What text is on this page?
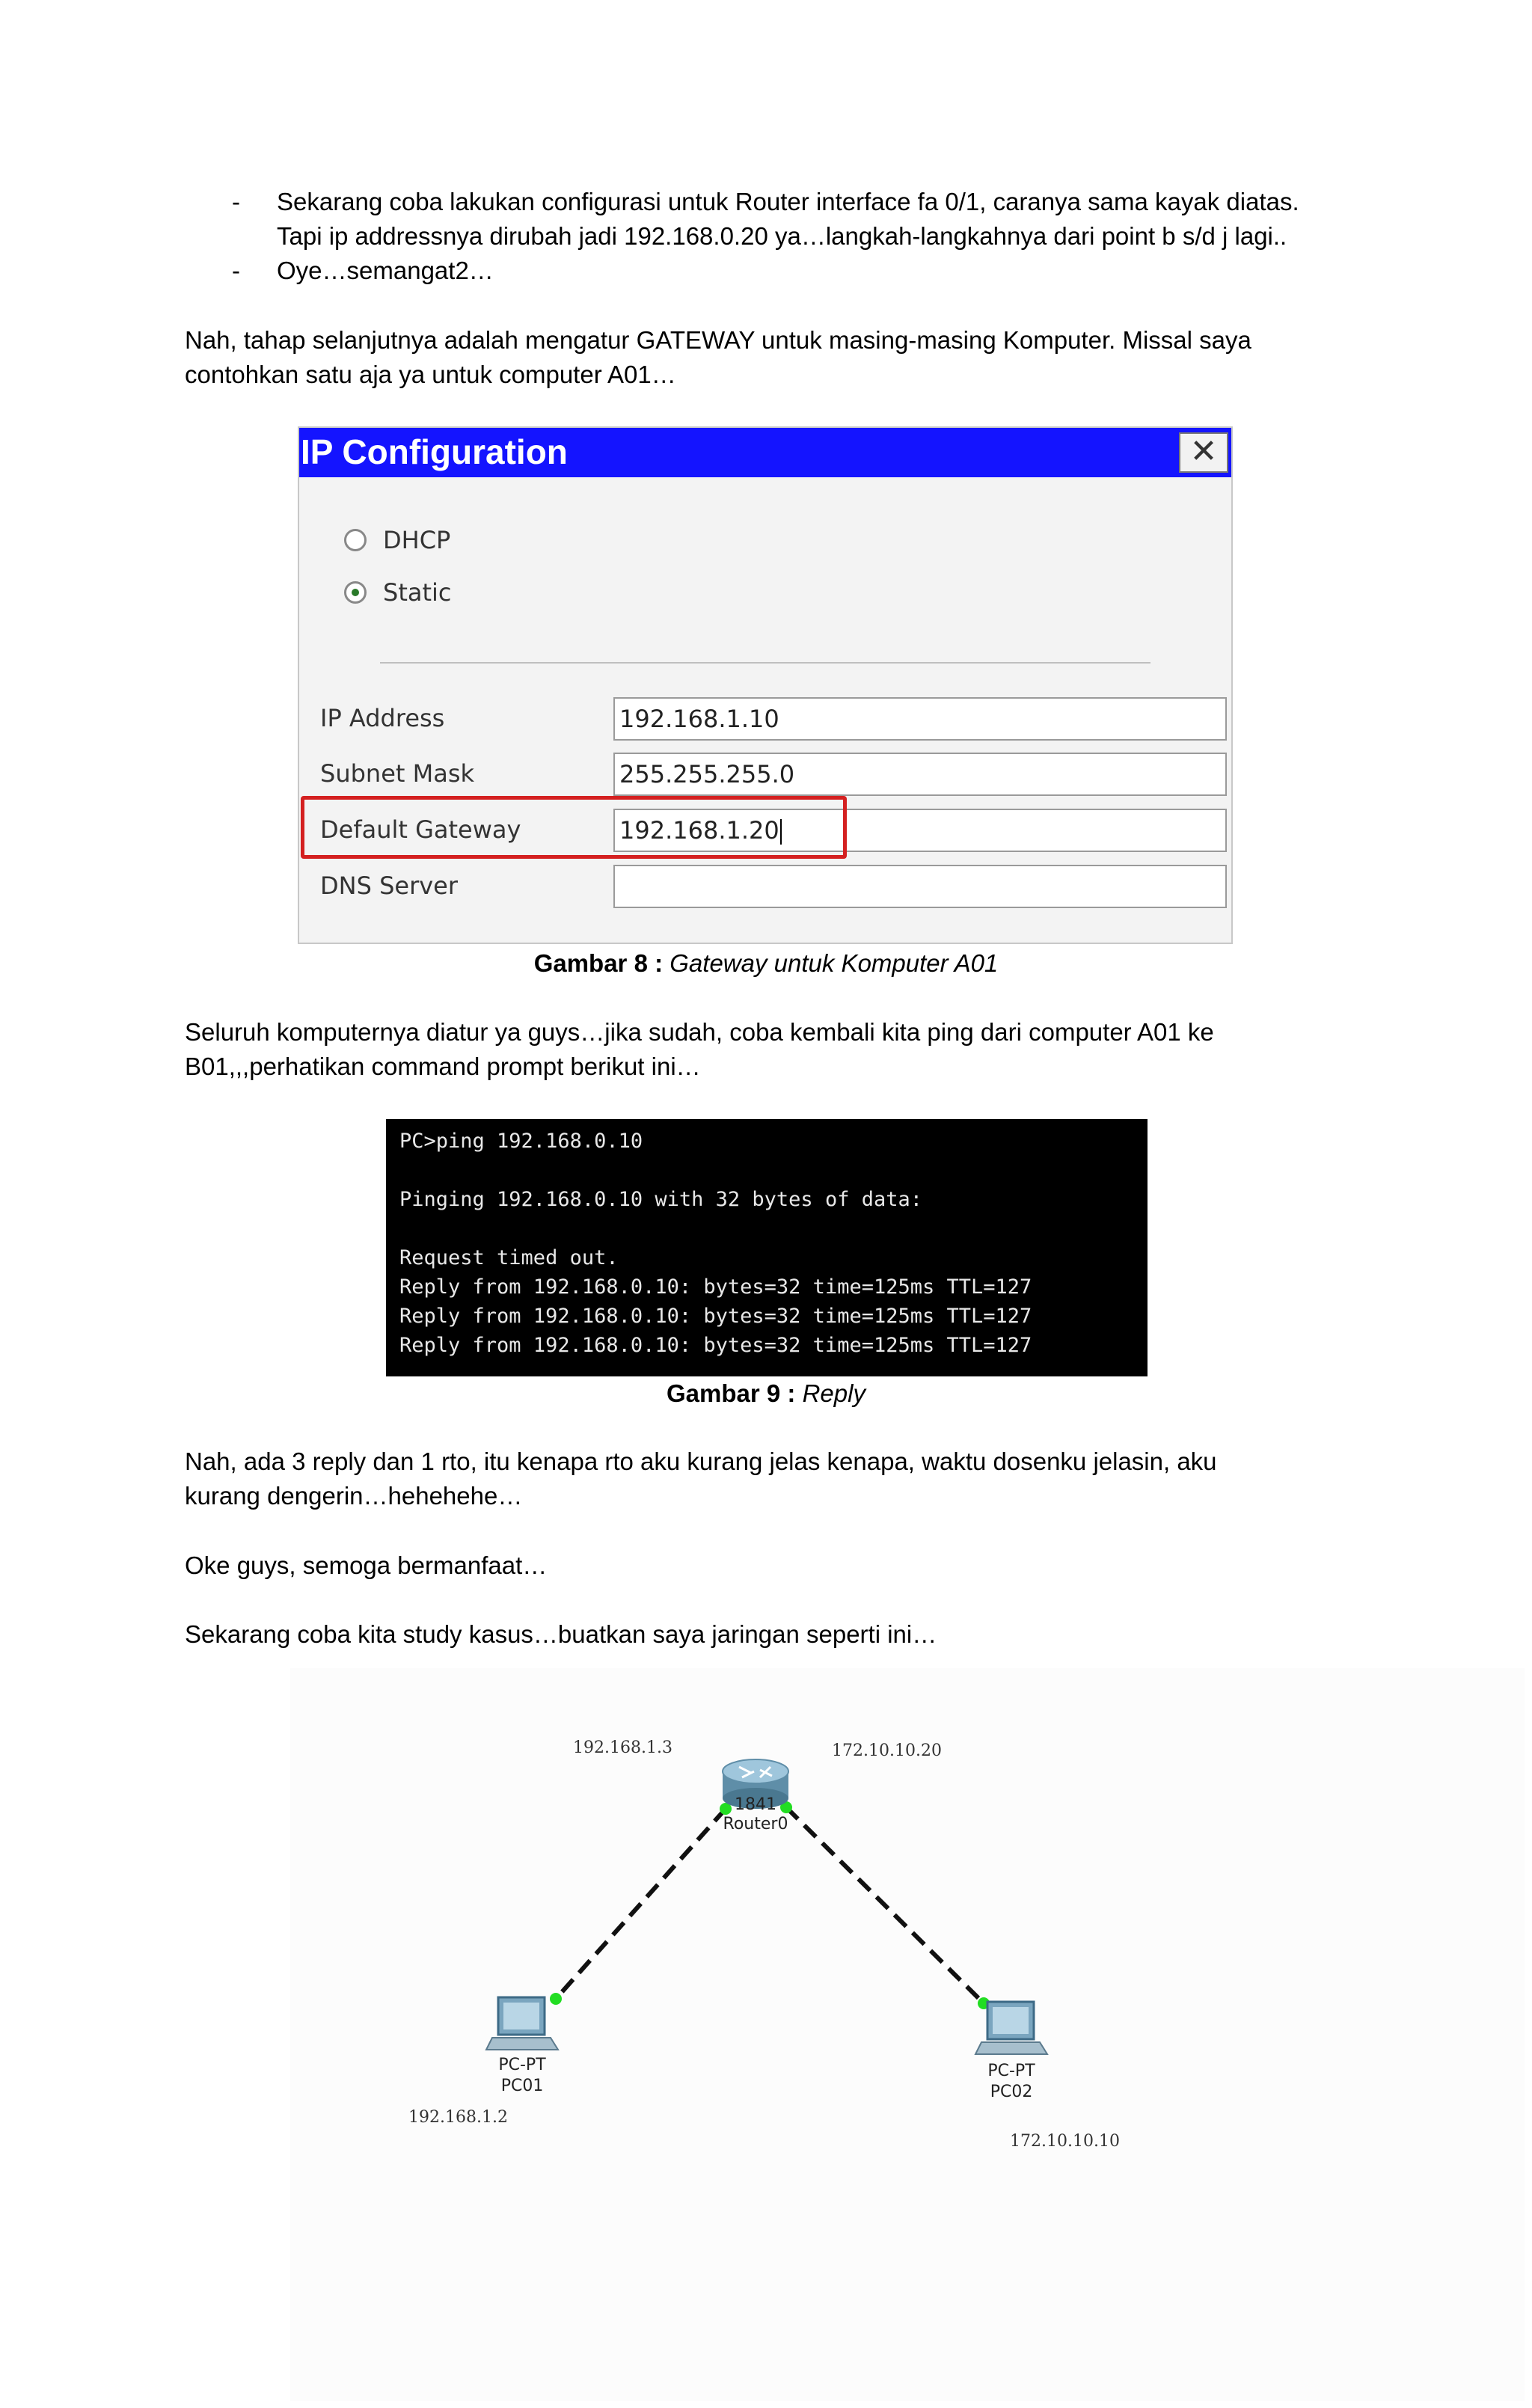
- Sekarang coba lakukan configurasi untuk Router interface fa 0/1, caranya sama kayak diatas.
Tapi ip addressnya dirubah jadi 192.168.0.20 ya…langkah-langkahnya dari point b s/d j lagi..
- Oye…semangat2…
Nah, tahap selanjutnya adalah mengatur GATEWAY untuk masing-masing Komputer. Missal saya
contohkan satu aja ya untuk computer A01…
IP Configuration	✕
DHCP
Static
IP Address	192.168.1.10
Subnet Mask	255.255.255.0
Default Gateway	192.168.1.20
DNS Server
Gambar 8 : Gateway untuk Komputer A01
Seluruh komputernya diatur ya guys…jika sudah, coba kembali kita ping dari computer A01 ke
B01,,,perhatikan command prompt berikut ini…
PC>ping 192.168.0.10
Pinging 192.168.0.10 with 32 bytes of data:
Request timed out.
Reply from 192.168.0.10: bytes=32 time=125ms TTL=127
Reply from 192.168.0.10: bytes=32 time=125ms TTL=127
Reply from 192.168.0.10: bytes=32 time=125ms TTL=127
Gambar 9 : Reply
Nah, ada 3 reply dan 1 rto, itu kenapa rto aku kurang jelas kenapa, waktu dosenku jelasin, aku
kurang dengerin…hehehehe…
Oke guys, semoga bermanfaat…
Sekarang coba kita study kasus…buatkan saya jaringan seperti ini…
192.168.1.3	172.10.10.20
1841
Router0
PC-PT
PC01
192.168.1.2
PC-PT
PC02
172.10.10.10
